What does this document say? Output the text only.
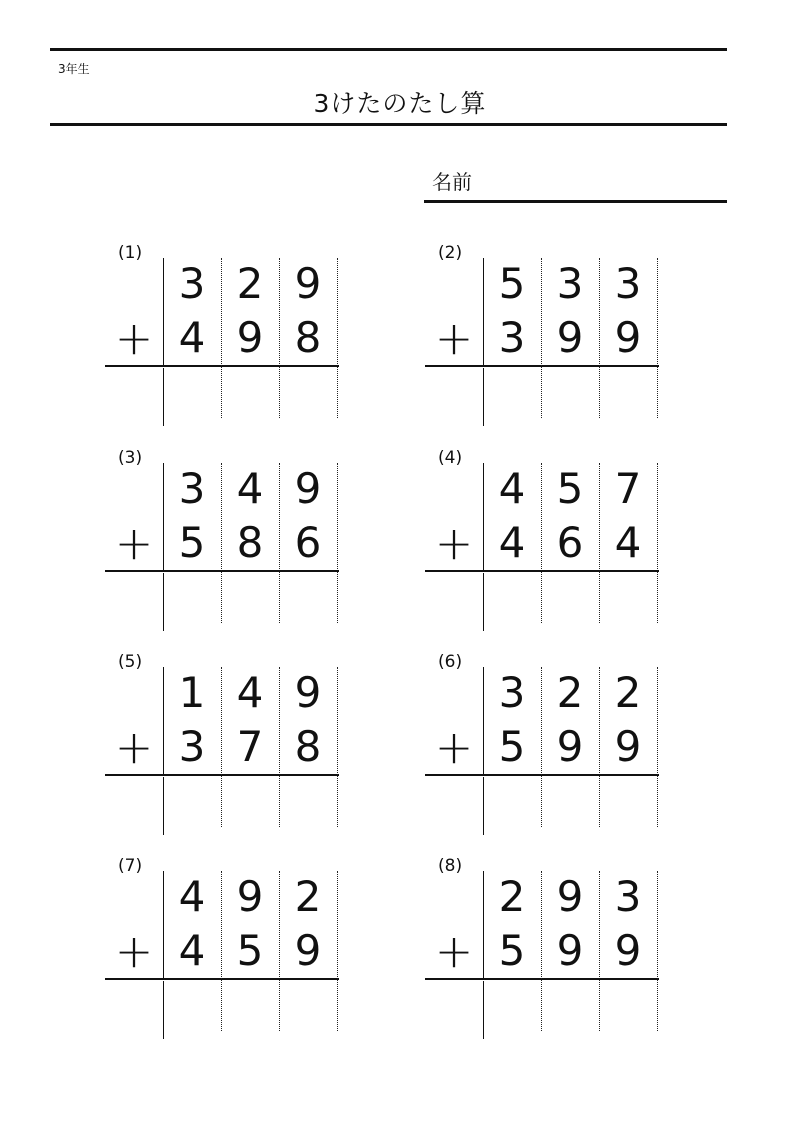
3年生
3けたのたし算
名前
(1)
3 2 9
+ 4 9 8
(2)
5 3 3
+ 3 9 9
(3)
3 4 9
+ 5 8 6
(4)
4 5 7
+ 4 6 4
(5)
1 4 9
+ 3 7 8
(6)
3 2 2
+ 5 9 9
(7)
4 9 2
+ 4 5 9
(8)
2 9 3
+ 5 9 9
